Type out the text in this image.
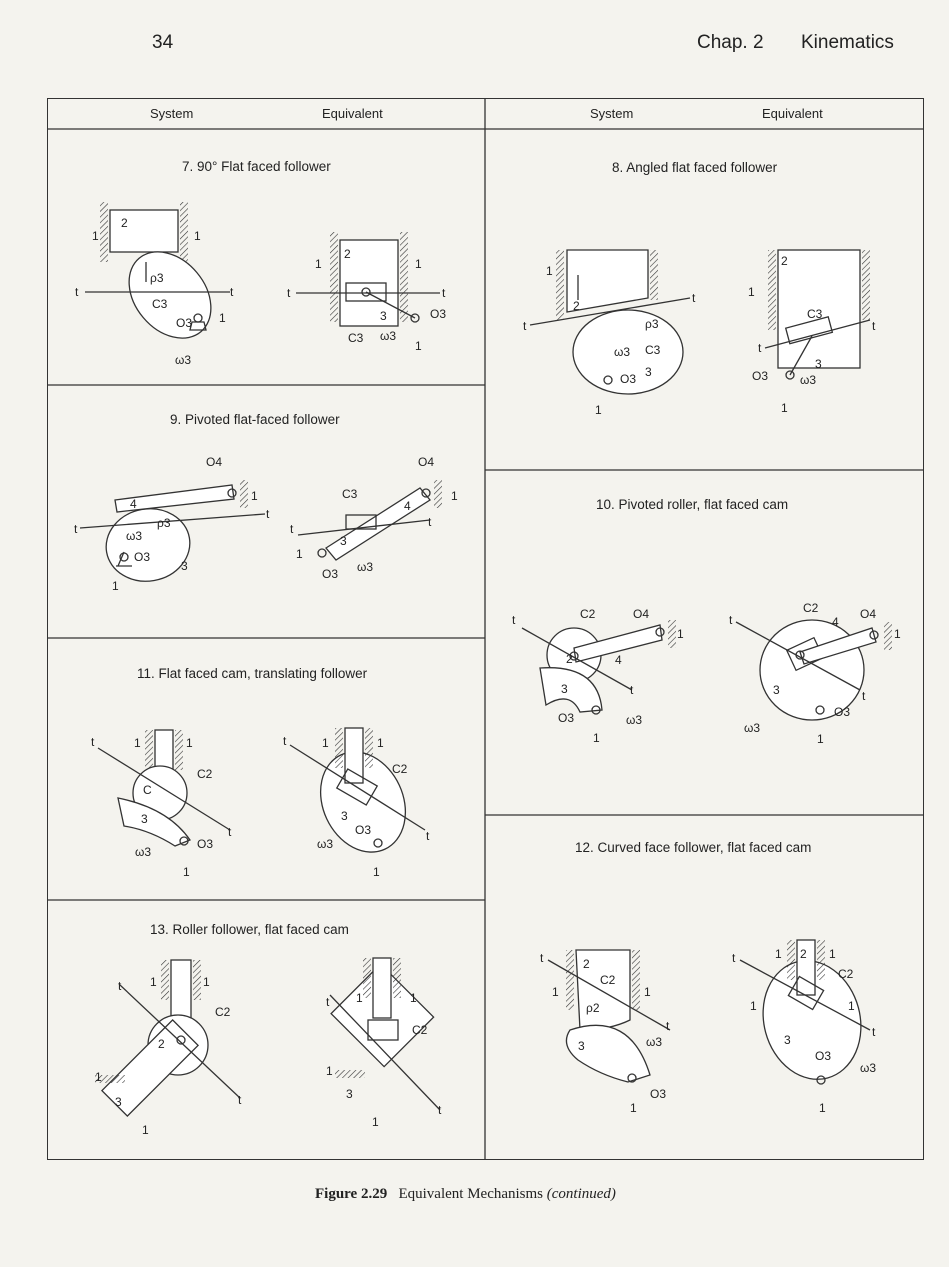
34	Chap. 2 Kinematics
System	Equivalent	System	Equivalent
7. 90° Flat faced follower	8. Angled flat faced follower
9. Pivoted flat-faced follower
10. Pivoted roller, flat faced cam
11. Flat faced cam, translating follower
12. Curved face follower, flat faced cam
13. Roller follower, flat faced cam
2
1	1
t	t
ρ3
C3
O3 1
ω3
2
1	1
t	t
3	O3
C3 ω3
1
2
1
t
t
ρ3
C3
ω3
3
O3
1
2
1
C3
t
t
3
O3	ω3
1
4
O4
1
t
t
ρ3
ω3
O3
3
1
O4
C3
4
1
t	t
3
1
O3 ω3
C2	O4
t
2	4
1
3	t
O3	ω3
1
C2	O4
t	4
1
3	t
O3
ω3
1
t	1	1
C2
C
3
t
O3
ω3
1
t	1	1
C2
3
O3	t
ω3
1
t	2
C2
1	1
ρ2
t
3	ω3
O3
1
t	1 2 1
C2
1	1
t
3
O3
ω3
1
t 1	1
C2
2
1
3	t
1
t 1	1
C2
1
3
t
1
Figure 2.29 Equivalent Mechanisms (continued)
